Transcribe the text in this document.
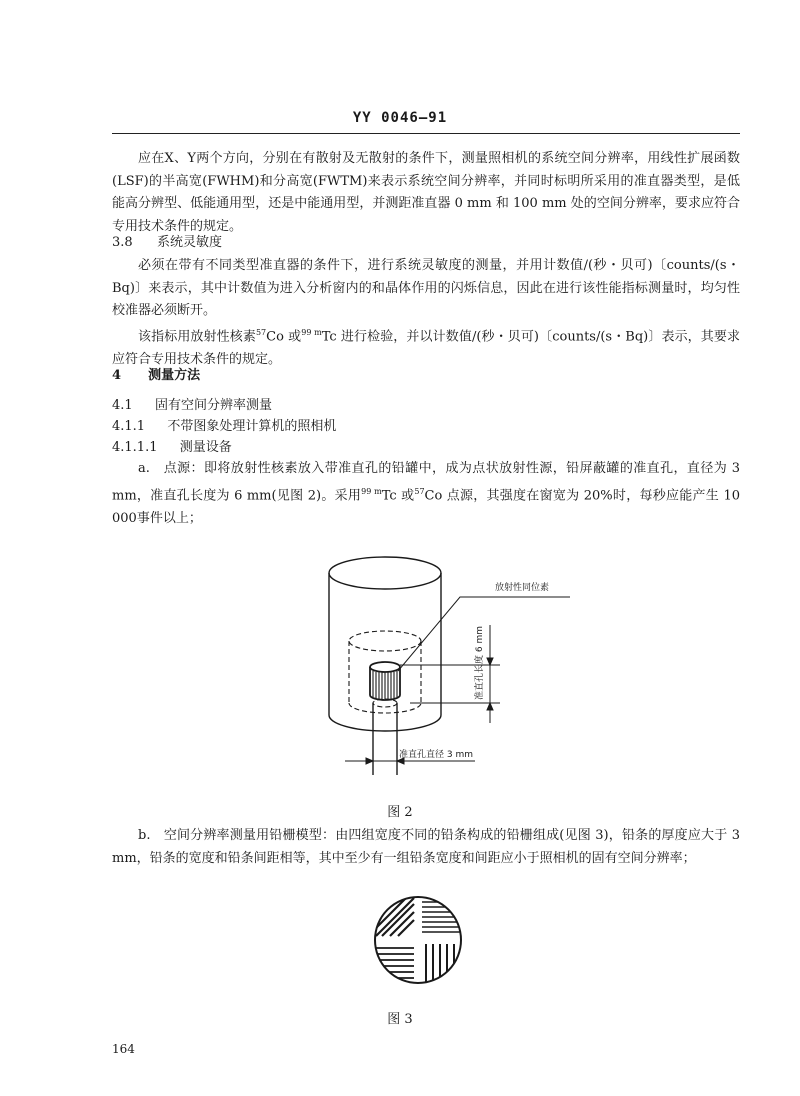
YY 0046—91
应在X、Y两个方向，分别在有散射及无散射的条件下，测量照相机的系统空间分辨率，用线性扩展函数(LSF)的半高宽(FWHM)和分高宽(FWTM)来表示系统空间分辨率，并同时标明所采用的准直器类型，是低能高分辨型、低能通用型，还是中能通用型，并测距准直器 0 mm 和 100 mm 处的空间分辨率，要求应符合专用技术条件的规定。
3.8 系统灵敏度
必须在带有不同类型准直器的条件下，进行系统灵敏度的测量，并用计数值/(秒・贝可)〔counts/(s・Bq)〕来表示，其中计数值为进入分析窗内的和晶体作用的闪烁信息，因此在进行该性能指标测量时，均匀性校准器必须断开。
该指标用放射性核素$^{57}$Co 或$^{99 m}$Tc 进行检验，并以计数值/(秒・贝可)〔counts/(s・Bq)〕表示，其要求应符合专用技术条件的规定。
4 测量方法
4.1 固有空间分辨率测量
4.1.1 不带图象处理计算机的照相机
4.1.1.1 测量设备
a.　点源：即将放射性核素放入带准直孔的铅罐中，成为点状放射性源，铅屏蔽罐的准直孔，直径为 3 mm，准直孔长度为 6 mm(见图 2)。采用$^{99 m}$Tc 或$^{57}$Co 点源，其强度在窗宽为 20%时，每秒应能产生 10 000事件以上；
放射性同位素
准直孔长度 6 mm
准直孔直径 3 mm
图 2
b.　空间分辨率测量用铅栅模型：由四组宽度不同的铅条构成的铅栅组成(见图 3)，铅条的厚度应大于 3 mm，铅条的宽度和铅条间距相等，其中至少有一组铅条宽度和间距应小于照相机的固有空间分辨率；
图 3
164
